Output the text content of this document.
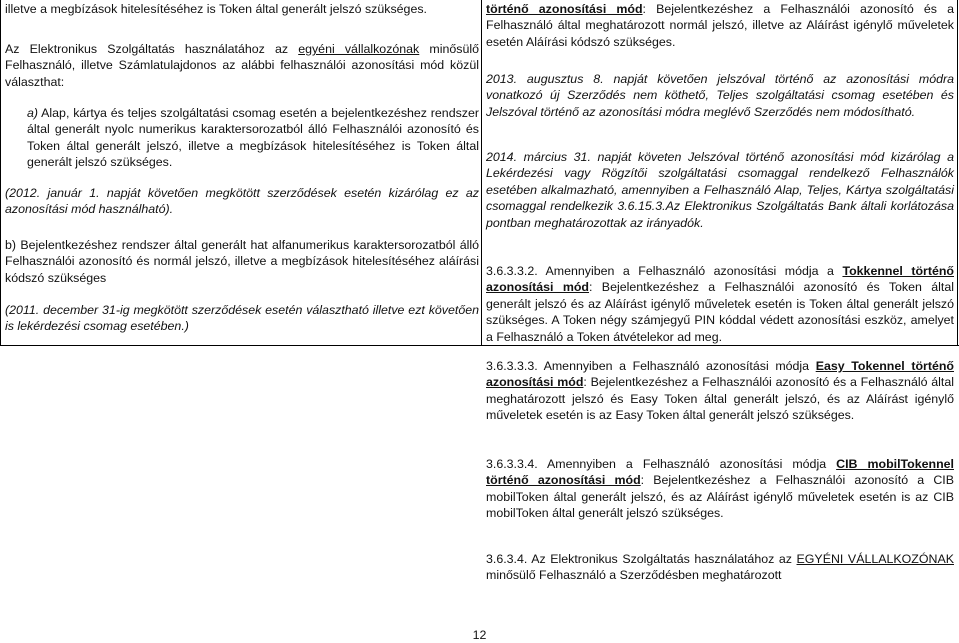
illetve a megbízások hitelesítéséhez is Token által generált jelszó szükséges.

Az Elektronikus Szolgáltatás használatához az egyéni vállalkozónak minősülő Felhasználó, illetve Számlatulajdonos az alábbi felhasználói azonosítási mód közül választhat:

a) Alap, kártya és teljes szolgáltatási csomag esetén a bejelentkezéshez rendszer által generált nyolc numerikus karaktersorozatból álló Felhasználói azonosító és Token által generált jelszó, illetve a megbízások hitelesítéséhez is Token által generált jelszó szükséges.

(2012. január 1. napját követően megkötött szerződések esetén kizárólag ez az azonosítási mód használható).

b) Bejelentkezéshez rendszer által generált hat alfanumerikus karaktersorozatból álló Felhasználói azonosító és normál jelszó, illetve a megbízások hitelesítéséhez aláírási kódszó szükséges

(2011. december 31-ig megkötött szerződések esetén választható illetve ezt követően is lekérdezési csomag esetében.)

történő azonosítási mód: Bejelentkezéshez a Felhasználói azonosító és a Felhasználó által meghatározott normál jelszó, illetve az Aláírást igénylő műveletek esetén Aláírási kódszó szükséges.

2013. augusztus 8. napját követően jelszóval történő az azonosítási módra vonatkozó új Szerződés nem köthető, Teljes szolgáltatási csomag esetében és Jelszóval történő az azonosítási módra meglévő Szerződés nem módosítható.

2014. március 31. napját követen Jelszóval történő azonosítási mód kizárólag a Lekérdezési vagy Rögzítői szolgáltatási csomaggal rendelkező Felhasználók esetében alkalmazható, amennyiben a Felhasználó Alap, Teljes, Kártya szolgáltatási csomaggal rendelkezik 3.6.15.3.Az Elektronikus Szolgáltatás Bank általi korlátozása pontban meghatározottak az irányadók.

3.6.3.3.2. Amennyiben a Felhasználó azonosítási módja a Tokkennel történő azonosítási mód: Bejelentkezéshez a Felhasználói azonosító és Token által generált jelszó és az Aláírást igénylő műveletek esetén is Token által generált jelszó szükséges. A Token négy számjegyű PIN kóddal védett azonosítási eszköz, amelyet a Felhasználó a Token átvételekor ad meg.

3.6.3.3.3. Amennyiben a Felhasználó azonosítási módja Easy Tokennel történő azonosítási mód: Bejelentkezéshez a Felhasználói azonosító és a Felhasználó által meghatározott jelszó és Easy Token által generált jelszó, és az Aláírást igénylő műveletek esetén is az Easy Token által generált jelszó szükséges.

3.6.3.3.4. Amennyiben a Felhasználó azonosítási módja CIB mobilTokennel történő azonosítási mód: Bejelentkezéshez a Felhasználói azonosító a CIB mobilToken által generált jelszó, és az Aláírást igénylő műveletek esetén is az CIB mobilToken által generált jelszó szükséges.

3.6.3.4. Az Elektronikus Szolgáltatás használatához az EGYÉNI VÁLLALKOZÓNAK minősülő Felhasználó a Szerződésben meghatározott

12
